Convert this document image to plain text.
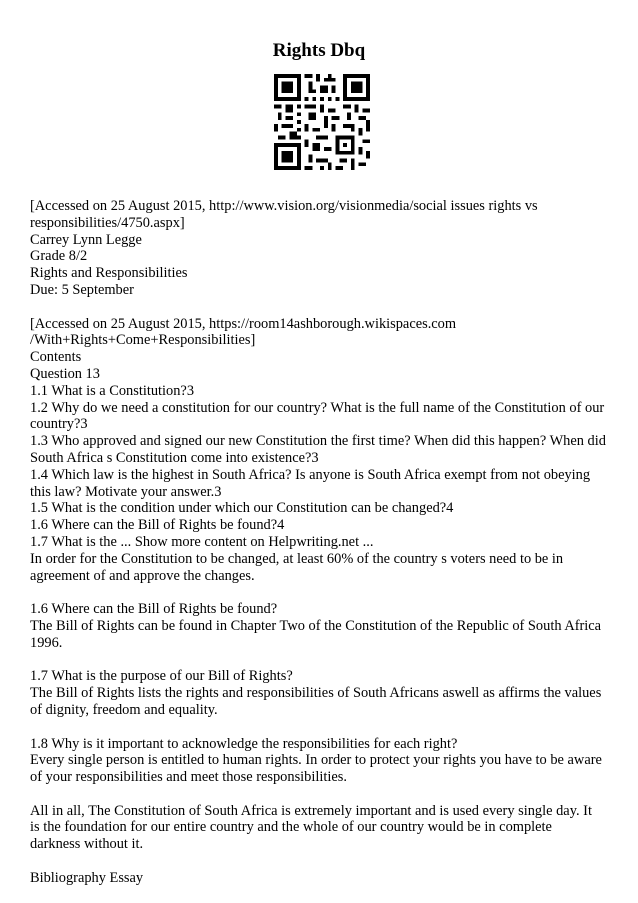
Rights Dbq
[Accessed on 25 August 2015, http://www.vision.org/visionmedia/social issues rights vs
responsibilities/4750.aspx]
Carrey Lynn Legge
Grade 8/2
Rights and Responsibilities
Due: 5 September
[Accessed on 25 August 2015, https://room14ashborough.wikispaces.com
/With+Rights+Come+Responsibilities]
Contents
Question 13
1.1 What is a Constitution?3
1.2 Why do we need a constitution for our country? What is the full name of the Constitution of our
country?3
1.3 Who approved and signed our new Constitution the first time? When did this happen? When did
South Africa s Constitution come into existence?3
1.4 Which law is the highest in South Africa? Is anyone is South Africa exempt from not obeying
this law? Motivate your answer.3
1.5 What is the condition under which our Constitution can be changed?4
1.6 Where can the Bill of Rights be found?4
1.7 What is the ... Show more content on Helpwriting.net ...
In order for the Constitution to be changed, at least 60% of the country s voters need to be in
agreement of and approve the changes.
1.6 Where can the Bill of Rights be found?
The Bill of Rights can be found in Chapter Two of the Constitution of the Republic of South Africa
1996.
1.7 What is the purpose of our Bill of Rights?
The Bill of Rights lists the rights and responsibilities of South Africans aswell as affirms the values
of dignity, freedom and equality.
1.8 Why is it important to acknowledge the responsibilities for each right?
Every single person is entitled to human rights. In order to protect your rights you have to be aware
of your responsibilities and meet those responsibilities.
All in all, The Constitution of South Africa is extremely important and is used every single day. It
is the foundation for our entire country and the whole of our country would be in complete
darkness without it.
Bibliography Essay
